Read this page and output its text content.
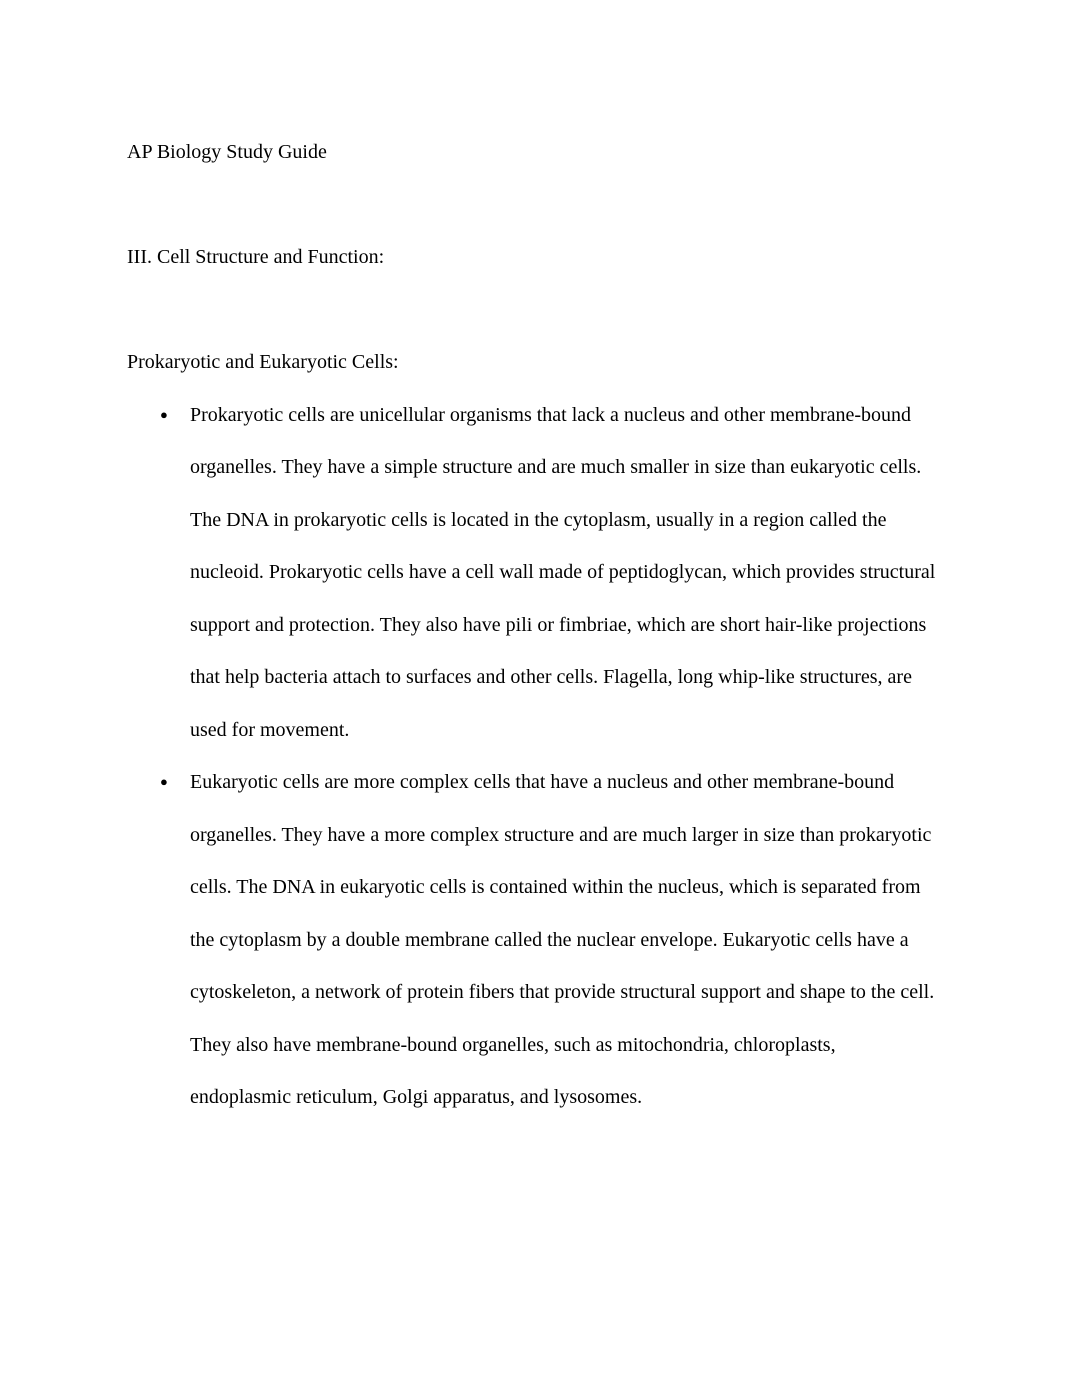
AP Biology Study Guide

III. Cell Structure and Function:

Prokaryotic and Eukaryotic Cells:

● Prokaryotic cells are unicellular organisms that lack a nucleus and other membrane-bound organelles. They have a simple structure and are much smaller in size than eukaryotic cells. The DNA in prokaryotic cells is located in the cytoplasm, usually in a region called the nucleoid. Prokaryotic cells have a cell wall made of peptidoglycan, which provides structural support and protection. They also have pili or fimbriae, which are short hair-like projections that help bacteria attach to surfaces and other cells. Flagella, long whip-like structures, are used for movement.
● Eukaryotic cells are more complex cells that have a nucleus and other membrane-bound organelles. They have a more complex structure and are much larger in size than prokaryotic cells. The DNA in eukaryotic cells is contained within the nucleus, which is separated from the cytoplasm by a double membrane called the nuclear envelope. Eukaryotic cells have a cytoskeleton, a network of protein fibers that provide structural support and shape to the cell. They also have membrane-bound organelles, such as mitochondria, chloroplasts, endoplasmic reticulum, Golgi apparatus, and lysosomes.
